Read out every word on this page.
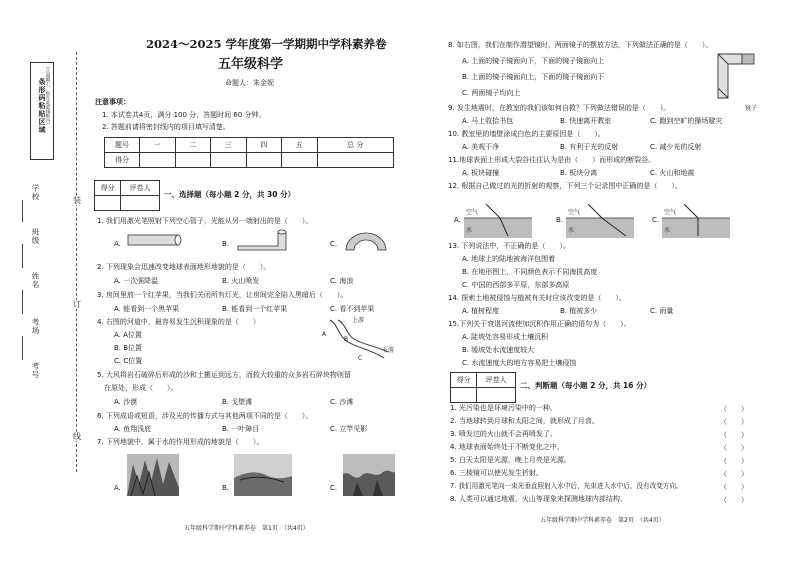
条形码粘贴区域 （正面朝上，贴在此虚线框内）
学校
班级
姓名
考场
考号
装
订
线
2024～2025 学年度第一学期期中学科素养卷
五年级科学
命题人：朱金妮
注意事项：
1. 本试卷共4页，满分 100 分，答题时间 60 分钟。
2. 答题前请将密封线内的项目填写清楚。
题号	一	二	三	四	五	总 分
得分						
得分	评卷人

一、选择题（每小题 2 分，共 30 分）
1. 我们用激光笔照射下列空心管子，光能从另一端射出的是（　　）。
A.	B.	C.
2. 下列现象会迅速改变地球表面地形地貌的是（　　）。
A. 一次强降温	B. 火山喷发	C. 海浪
3. 房间里放一个红苹果，当我们关闭所有灯光，让房间完全陷入黑暗后（　　）。
A. 能看到一个黑苹果	B. 能看到一个红苹果	C. 看不到苹果
4. 右图的河道中，最容易发生沉积现象的是（　　）
A. A位置
B. B位置
C. C位置
上游
下游
A
B
C
5. 大风将岩石破碎后形成的沙和土搬运到远方，而较大较重的众多岩石碎块物则留
在原处，形成（　　）。
A. 沙漠	B. 戈壁滩	C. 沙滩
6. 下列成语或短语，涉及光的传播方式与其他两项不同的是（　　）。
A. 鱼翔浅底	B. 一叶障目	C. 立竿见影
7. 下列地貌中，属于水的作用形成的地貌是（　　）。
A.	B.	C.
五年级科学期中学科素养卷　第1页　（共4页）
8. 如右图，我们在制作潜望镜时，两面镜子的摆放方法，下列做法正确的是（　　）。
A. 上面的镜子镜面向下，下面的镜子镜面向上
B. 上面的镜子镜面向上，下面的镜子镜面向下
C. 两面镜子均向上
镜子
9. 发生地震时，在教室的我们该如何自救？下列做法错误的是（　　）。
A. 马上收拾书包	B. 快速离开教室	C. 跑到空旷的操场避灾
10. 教室里的墙壁涂成白色的主要原因是（　　）。
A. 美观干净	B. 有利于光的反射	C. 减少光的反射
11.地球表面上形成大裂谷往往认为是由（　　）而形成的断裂谷。
A. 板块碰撞	B. 板块分离	C. 火山和地震
12. 根据自己做过的光的折射的观察，下列三个记录图中正确的是（　　）。
A.	B.	C.
空气
水
空气
水
空气
水
13. 下列说法中，不正确的是（　　）。
A. 地球上的陆地被海洋包围着
B. 在地形图上，不同颜色表示不同海拔高度
C. 中国的西部多平原，东部多高原
14. 探索土地被侵蚀与植被有关时应该改变的是（　　）。
A. 植树程度	B. 植被多少	C. 雨量
15.下列关于衰退河流使加沉积作用正确的语句为（　　）。
A. 陡坡处容易形成土壤沉积
B. 缓坡处水流速度较大
C. 水流速度大的地方容易把土壤侵蚀
得分	评卷人

二、判断题（每小题 2 分，共 16 分）
1. 光污染也是环境污染中的一种。	（　　）
2. 当地球转到月球和太阳之间，就形成了月食。	（　　）
3. 喷发过的火山就不会再喷发了。	（　　）
4. 地球表面始终处于不断变化之中。	（　　）
5. 白天太阳是光源，晚上月亮是光源。	（　　）
6. 三棱镜可以使光发生折射。	（　　）
7. 我们用激光笔向一束光垂直照射入水中后，光束进入水中后，没有改变方向。	（　　）
8. 人类可以通过地震，火山等现象来探测地球内部结构。	（　　）
五年级科学期中学科素养卷　第2页　（共4页）
